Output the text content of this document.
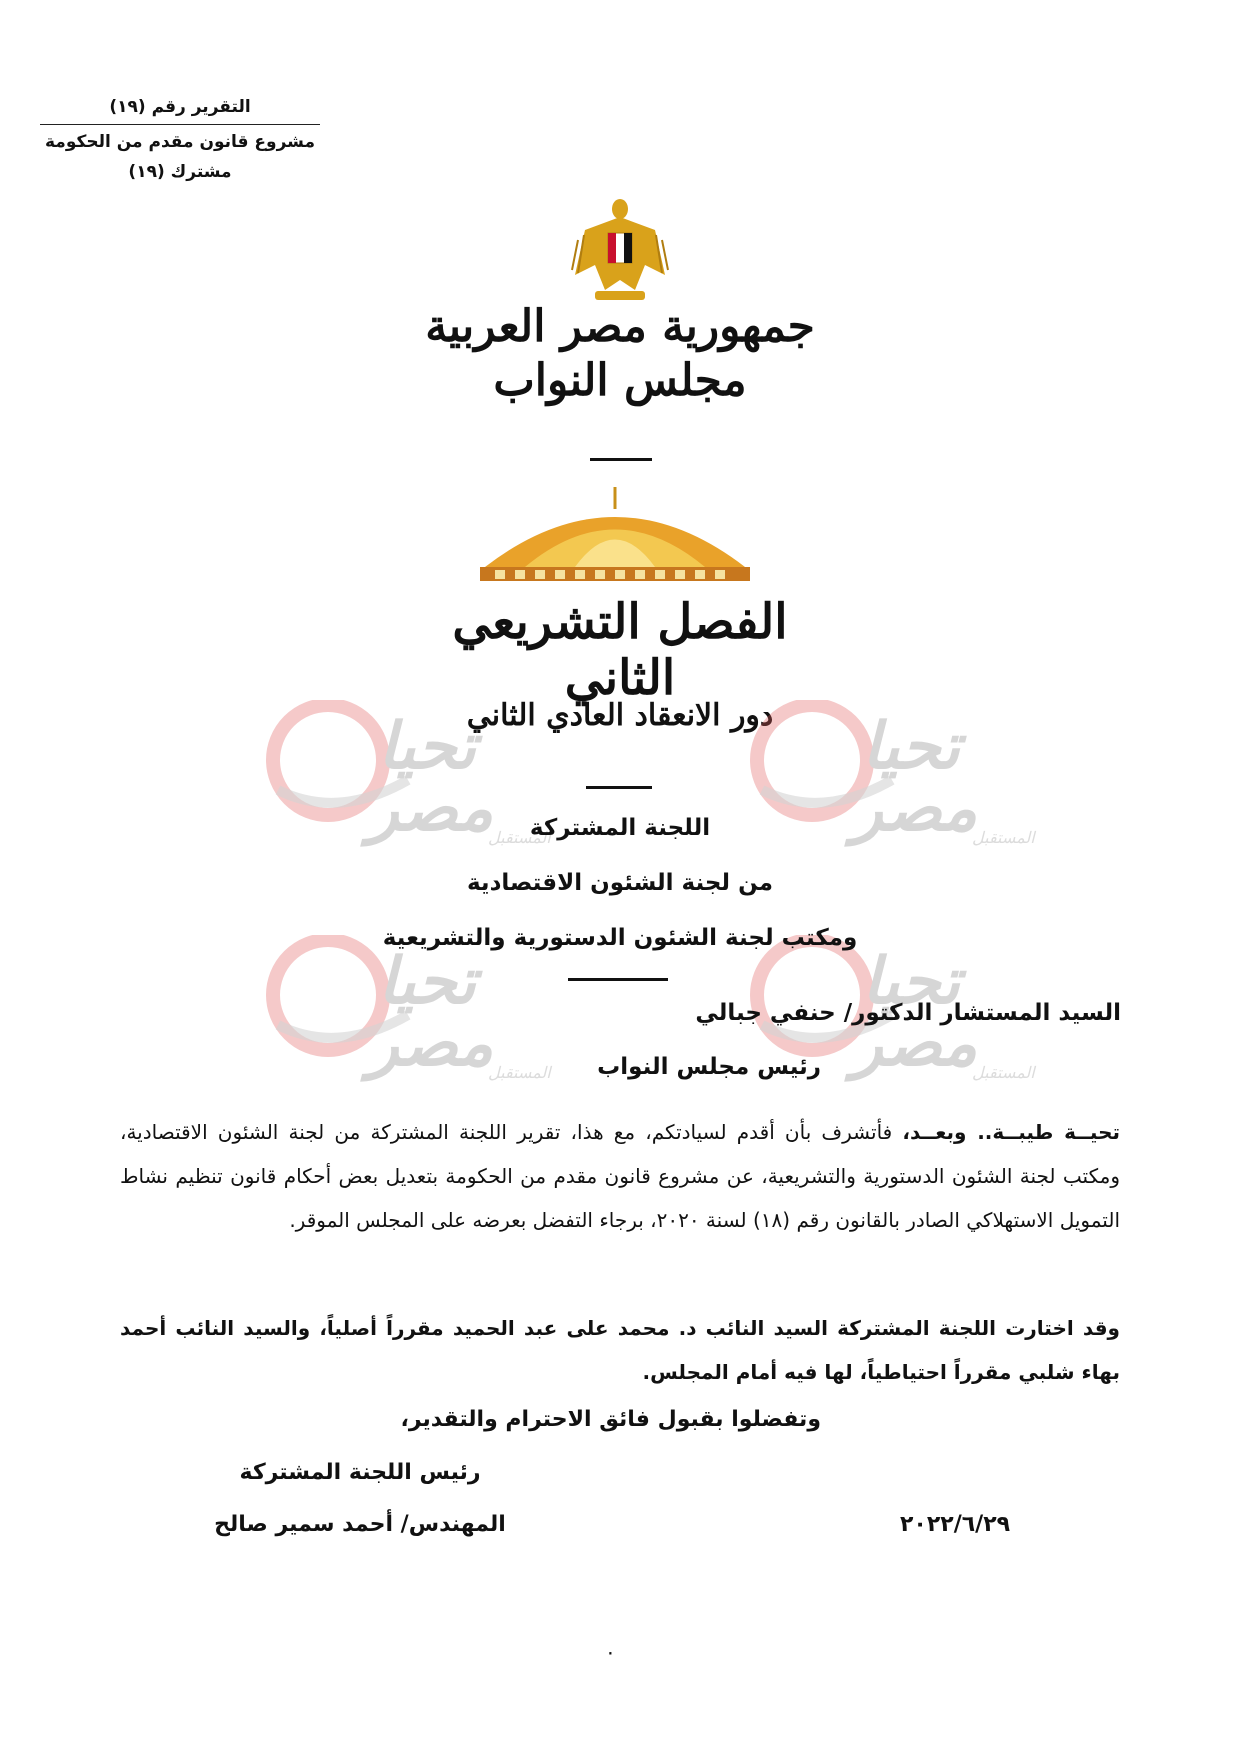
التقرير رقم (١٩)
مشروع قانون مقدم من الحكومة
مشترك (١٩)
جمهورية مصر العربية
مجلس النواب
الفصل التشريعي الثاني
دور الانعقاد العادي الثاني
تحيا
مصر
المستقبل
تحيا
مصر
المستقبل
تحيا
مصر
المستقبل
تحيا
مصر
المستقبل
اللجنة المشتركة
من لجنة الشئون الاقتصادية
ومكتب لجنة الشئون الدستورية والتشريعية
السيد المستشار الدكتور/ حنفي جبالي
رئيس مجلس النواب
تحيــة طيبــة.. وبعــد، فأتشرف بأن أقدم لسيادتكم، مع هذا، تقرير اللجنة المشتركة من لجنة الشئون الاقتصادية، ومكتب لجنة الشئون الدستورية والتشريعية، عن مشروع قانون مقدم من الحكومة بتعديل بعض أحكام قانون تنظيم نشاط التمويل الاستهلاكي الصادر بالقانون رقم (١٨) لسنة ٢٠٢٠، برجاء التفضل بعرضه على المجلس الموقر.
وقد اختارت اللجنة المشتركة السيد النائب د. محمد على عبد الحميد مقرراً أصلياً، والسيد النائب أحمد بهاء شلبي مقرراً احتياطياً، لها فيه أمام المجلس.
وتفضلوا بقبول فائق الاحترام والتقدير،
رئيس اللجنة المشتركة
المهندس/ أحمد سمير صالح	٢٠٢٢/٦/٢٩
٠
